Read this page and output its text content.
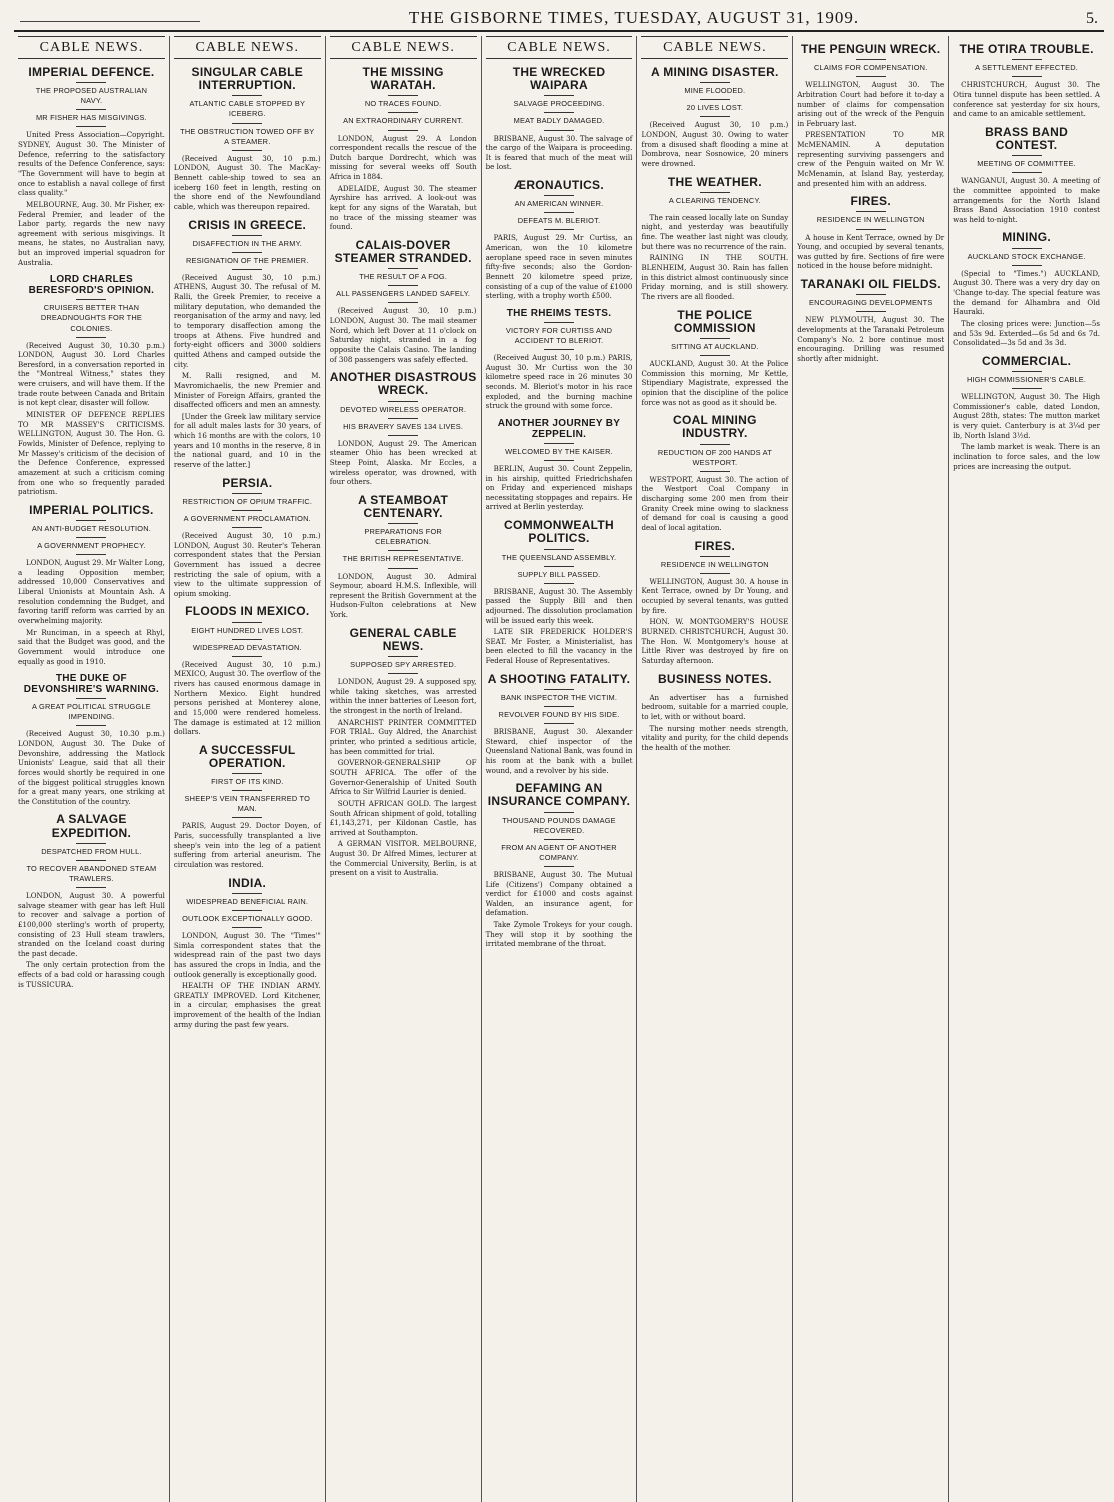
THE GISBORNE TIMES, TUESDAY, AUGUST 31, 1909.	5.
CABLE NEWS.
IMPERIAL DEFENCE.
THE PROPOSED AUSTRALIAN NAVY.
MR FISHER HAS MISGIVINGS.

United Press Association—Copyright. SYDNEY, August 30. The Minister of Defence, referring to the satisfactory results of the Defence Conference, says: "The Government will have to begin at once to establish a naval college of first class quality."

MELBOURNE, Aug. 30. Mr Fisher, ex-Federal Premier, and leader of the Labor party, regards the new navy agreement with serious misgivings. It means, he states, no Australian navy, but an improved imperial squadron for Australia.

LORD CHARLES BERESFORD'S OPINION.
CRUISERS BETTER THAN DREADNOUGHTS FOR THE COLONIES.

(Received August 30, 10.30 p.m.) LONDON, August 30. Lord Charles Beresford, in a conversation reported in the "Montreal Witness," states they were cruisers, and will have them. If the trade route between Canada and Britain is not kept clear, disaster will follow.

MINISTER OF DEFENCE REPLIES TO MR MASSEY'S CRITICISMS. WELLINGTON, August 30. The Hon. G. Fowlds, Minister of Defence, replying to Mr Massey's criticism of the decision of the Defence Conference, expressed amazement at such a criticism coming from one who so frequently paraded patriotism.

IMPERIAL POLITICS.
AN ANTI-BUDGET RESOLUTION.
A GOVERNMENT PROPHECY.

LONDON, August 29. Mr Walter Long, a leading Opposition member, addressed 10,000 Conservatives and Liberal Unionists at Mountain Ash. A resolution condemning the Budget, and favoring tariff reform was carried by an overwhelming majority.

Mr Runciman, in a speech at Rhyl, said that the Budget was good, and the Government would introduce one equally as good in 1910.

THE DUKE OF DEVONSHIRE'S WARNING.
A GREAT POLITICAL STRUGGLE IMPENDING.

(Received August 30, 10.30 p.m.) LONDON, August 30. The Duke of Devonshire, addressing the Matlock Unionists' League, said that all their forces would shortly be required in one of the biggest political struggles known for a great many years, one striking at the Constitution of the country.

A SALVAGE EXPEDITION.
DESPATCHED FROM HULL.
TO RECOVER ABANDONED STEAM TRAWLERS.

LONDON, August 30. A powerful salvage steamer with gear has left Hull to recover and salvage a portion of £100,000 sterling's worth of property, consisting of 23 Hull steam trawlers, stranded on the Iceland coast during the past decade.

The only certain protection from the effects of a bad cold or harassing cough is TUSSICURA.

CABLE NEWS.
SINGULAR CABLE INTERRUPTION.
ATLANTIC CABLE STOPPED BY ICEBERG.
THE OBSTRUCTION TOWED OFF BY A STEAMER.

(Received August 30, 10 p.m.) LONDON, August 30. The MacKay-Bennett cable-ship towed to sea an iceberg 160 feet in length, resting on the shore end of the Newfoundland cable, which was thereupon repaired.

CRISIS IN GREECE.
DISAFFECTION IN THE ARMY.
RESIGNATION OF THE PREMIER.

(Received August 30, 10 p.m.) ATHENS, August 30. The refusal of M. Ralli, the Greek Premier, to receive a military deputation, who demanded the reorganisation of the army and navy, led to temporary disaffection among the troops at Athens. Five hundred and forty-eight officers and 3000 soldiers quitted Athens and camped outside the city.

M. Ralli resigned, and M. Mavromichaelis, the new Premier and Minister of Foreign Affairs, granted the disaffected officers and men an amnesty.

[Under the Greek law military service for all adult males lasts for 30 years, of which 16 months are with the colors, 10 years and 10 months in the reserve, 8 in the national guard, and 10 in the reserve of the latter.]

PERSIA.
RESTRICTION OF OPIUM TRAFFIC.
A GOVERNMENT PROCLAMATION.

(Received August 30, 10 p.m.) LONDON, August 30. Reuter's Teheran correspondent states that the Persian Government has issued a decree restricting the sale of opium, with a view to the ultimate suppression of opium smoking.

FLOODS IN MEXICO.
EIGHT HUNDRED LIVES LOST.
WIDESPREAD DEVASTATION.

(Received August 30, 10 p.m.) MEXICO, August 30. The overflow of the rivers has caused enormous damage in Northern Mexico. Eight hundred persons perished at Monterey alone, and 15,000 were rendered homeless. The damage is estimated at 12 million dollars.

A SUCCESSFUL OPERATION.
FIRST OF ITS KIND.
SHEEP'S VEIN TRANSFERRED TO MAN.

PARIS, August 29. Doctor Doyen, of Paris, successfully transplanted a live sheep's vein into the leg of a patient suffering from arterial aneurism. The circulation was restored.

INDIA.
WIDESPREAD BENEFICIAL RAIN.
OUTLOOK EXCEPTIONALLY GOOD.

LONDON, August 30. The "Times'" Simla correspondent states that the widespread rain of the past two days has assured the crops in India, and the outlook generally is exceptionally good.

HEALTH OF THE INDIAN ARMY. GREATLY IMPROVED. Lord Kitchener, in a circular, emphasises the great improvement of the health of the Indian army during the past few years.

CABLE NEWS.
THE MISSING WARATAH.
NO TRACES FOUND.
AN EXTRAORDINARY CURRENT.

LONDON, August 29. A London correspondent recalls the rescue of the Dutch barque Dordrecht, which was missing for several weeks off South Africa in 1884.

ADELAIDE, August 30. The steamer Ayrshire has arrived. A look-out was kept for any signs of the Waratah, but no trace of the missing steamer was found.

CALAIS-DOVER STEAMER STRANDED.
THE RESULT OF A FOG.
ALL PASSENGERS LANDED SAFELY.

(Received August 30, 10 p.m.) LONDON, August 30. The mail steamer Nord, which left Dover at 11 o'clock on Saturday night, stranded in a fog opposite the Calais Casino. The landing of 308 passengers was safely effected.

ANOTHER DISASTROUS WRECK.
DEVOTED WIRELESS OPERATOR.
HIS BRAVERY SAVES 134 LIVES.

LONDON, August 29. The American steamer Ohio has been wrecked at Steep Point, Alaska. Mr Eccles, a wireless operator, was drowned, with four others.

A STEAMBOAT CENTENARY.
PREPARATIONS FOR CELEBRATION.
THE BRITISH REPRESENTATIVE.

LONDON, August 30. Admiral Seymour, aboard H.M.S. Inflexible, will represent the British Government at the Hudson-Fulton celebrations at New York.

GENERAL CABLE NEWS.
SUPPOSED SPY ARRESTED.

LONDON, August 29. A supposed spy, while taking sketches, was arrested within the inner batteries of Leeson fort, the strongest in the north of Ireland.

ANARCHIST PRINTER COMMITTED FOR TRIAL. Guy Aldred, the Anarchist printer, who printed a seditious article, has been committed for trial.

GOVERNOR-GENERALSHIP OF SOUTH AFRICA. The offer of the Governor-Generalship of United South Africa to Sir Wilfrid Laurier is denied.

SOUTH AFRICAN GOLD. The largest South African shipment of gold, totalling £1,143,271, per Kildonan Castle, has arrived at Southampton.

A GERMAN VISITOR. MELBOURNE, August 30. Dr Alfred Mimes, lecturer at the Commercial University, Berlin, is at present on a visit to Australia.

CABLE NEWS.
THE WRECKED WAIPARA
SALVAGE PROCEEDING.
MEAT BADLY DAMAGED.

BRISBANE, August 30. The salvage of the cargo of the Waipara is proceeding. It is feared that much of the meat will be lost.

ÆRONAUTICS.
AN AMERICAN WINNER.
DEFEATS M. BLERIOT.

PARIS, August 29. Mr Curtiss, an American, won the 10 kilometre aeroplane speed race in seven minutes fifty-five seconds; also the Gordon-Bennett 20 kilometre speed prize, consisting of a cup of the value of £1000 sterling, with a trophy worth £500.

THE RHEIMS TESTS.
VICTORY FOR CURTISS AND ACCIDENT TO BLERIOT.

(Received August 30, 10 p.m.) PARIS, August 30. Mr Curtiss won the 30 kilometre speed race in 26 minutes 30 seconds. M. Bleriot's motor in his race exploded, and the burning machine struck the ground with some force.

ANOTHER JOURNEY BY ZEPPELIN.
WELCOMED BY THE KAISER.

BERLIN, August 30. Count Zeppelin, in his airship, quitted Friedrichshafen on Friday and experienced mishaps necessitating stoppages and repairs. He arrived at Berlin yesterday.

COMMONWEALTH POLITICS.
THE QUEENSLAND ASSEMBLY.
SUPPLY BILL PASSED.

BRISBANE, August 30. The Assembly passed the Supply Bill and then adjourned. The dissolution proclamation will be issued early this week.

LATE SIR FREDERICK HOLDER'S SEAT. Mr Foster, a Ministerialist, has been elected to fill the vacancy in the Federal House of Representatives.

A SHOOTING FATALITY.
BANK INSPECTOR THE VICTIM.
REVOLVER FOUND BY HIS SIDE.

BRISBANE, August 30. Alexander Steward, chief inspector of the Queensland National Bank, was found in his room at the bank with a bullet wound, and a revolver by his side.

DEFAMING AN INSURANCE COMPANY.
THOUSAND POUNDS DAMAGE RECOVERED.
FROM AN AGENT OF ANOTHER COMPANY.

BRISBANE, August 30. The Mutual Life (Citizens') Company obtained a verdict for £1000 and costs against Walden, an insurance agent, for defamation.

Take Zymole Trokeys for your cough. They will stop it by soothing the irritated membrane of the throat.

CABLE NEWS.
A MINING DISASTER.
MINE FLOODED.
20 LIVES LOST.

(Received August 30, 10 p.m.) LONDON, August 30. Owing to water from a disused shaft flooding a mine at Dombrova, near Sosnowice, 20 miners were drowned.

THE WEATHER.
A CLEARING TENDENCY.

The rain ceased locally late on Sunday night, and yesterday was beautifully fine. The weather last night was cloudy, but there was no recurrence of the rain.

RAINING IN THE SOUTH. BLENHEIM, August 30. Rain has fallen in this district almost continuously since Friday morning, and is still showery. The rivers are all flooded.

THE POLICE COMMISSION
SITTING AT AUCKLAND.

AUCKLAND, August 30. At the Police Commission this morning, Mr Kettle, Stipendiary Magistrate, expressed the opinion that the discipline of the police force was not as good as it should be.

COAL MINING INDUSTRY.
REDUCTION OF 200 HANDS AT WESTPORT.

WESTPORT, August 30. The action of the Westport Coal Company in discharging some 200 men from their Granity Creek mine owing to slackness of demand for coal is causing a good deal of local agitation.

FIRES.
RESIDENCE IN WELLINGTON

WELLINGTON, August 30. A house in Kent Terrace, owned by Dr Young, and occupied by several tenants, was gutted by fire.

HON. W. MONTGOMERY'S HOUSE BURNED. CHRISTCHURCH, August 30. The Hon. W. Montgomery's house at Little River was destroyed by fire on Saturday afternoon.

BUSINESS NOTES.

An advertiser has a furnished bedroom, suitable for a married couple, to let, with or without board.

The nursing mother needs strength, vitality and purity, for the child depends the health of the mother.

THE PENGUIN WRECK.
CLAIMS FOR COMPENSATION.

WELLINGTON, August 30. The Arbitration Court had before it to-day a number of claims for compensation arising out of the wreck of the Penguin in February last.

PRESENTATION TO MR McMENAMIN. A deputation representing surviving passengers and crew of the Penguin waited on Mr W. McMenamin, at Island Bay, yesterday, and presented him with an address.

FIRES.
RESIDENCE IN WELLINGTON

A house in Kent Terrace, owned by Dr Young, and occupied by several tenants, was gutted by fire. Sections of fire were noticed in the house before midnight.

TARANAKI OIL FIELDS.
ENCOURAGING DEVELOPMENTS

NEW PLYMOUTH, August 30. The developments at the Taranaki Petroleum Company's No. 2 bore continue most encouraging. Drilling was resumed shortly after midnight.

THE OTIRA TROUBLE.
A SETTLEMENT EFFECTED.

CHRISTCHURCH, August 30. The Otira tunnel dispute has been settled. A conference sat yesterday for six hours, and came to an amicable settlement.

BRASS BAND CONTEST.
MEETING OF COMMITTEE.

WANGANUI, August 30. A meeting of the committee appointed to make arrangements for the North Island Brass Band Association 1910 contest was held to-night.

MINING.
AUCKLAND STOCK EXCHANGE.

(Special to "Times.") AUCKLAND, August 30. There was a very dry day on 'Change to-day. The special feature was the demand for Alhambra and Old Hauraki.

The closing prices were: Junction—5s and 53s 9d. Exterded—6s 5d and 6s 7d. Consolidated—3s 5d and 3s 3d.

COMMERCIAL.
HIGH COMMISSIONER'S CABLE.

WELLINGTON, August 30. The High Commissioner's cable, dated London, August 28th, states: The mutton market is very quiet. Canterbury is at 3¼d per lb, North Island 3½d.

The lamb market is weak. There is an inclination to force sales, and the low prices are increasing the output.
